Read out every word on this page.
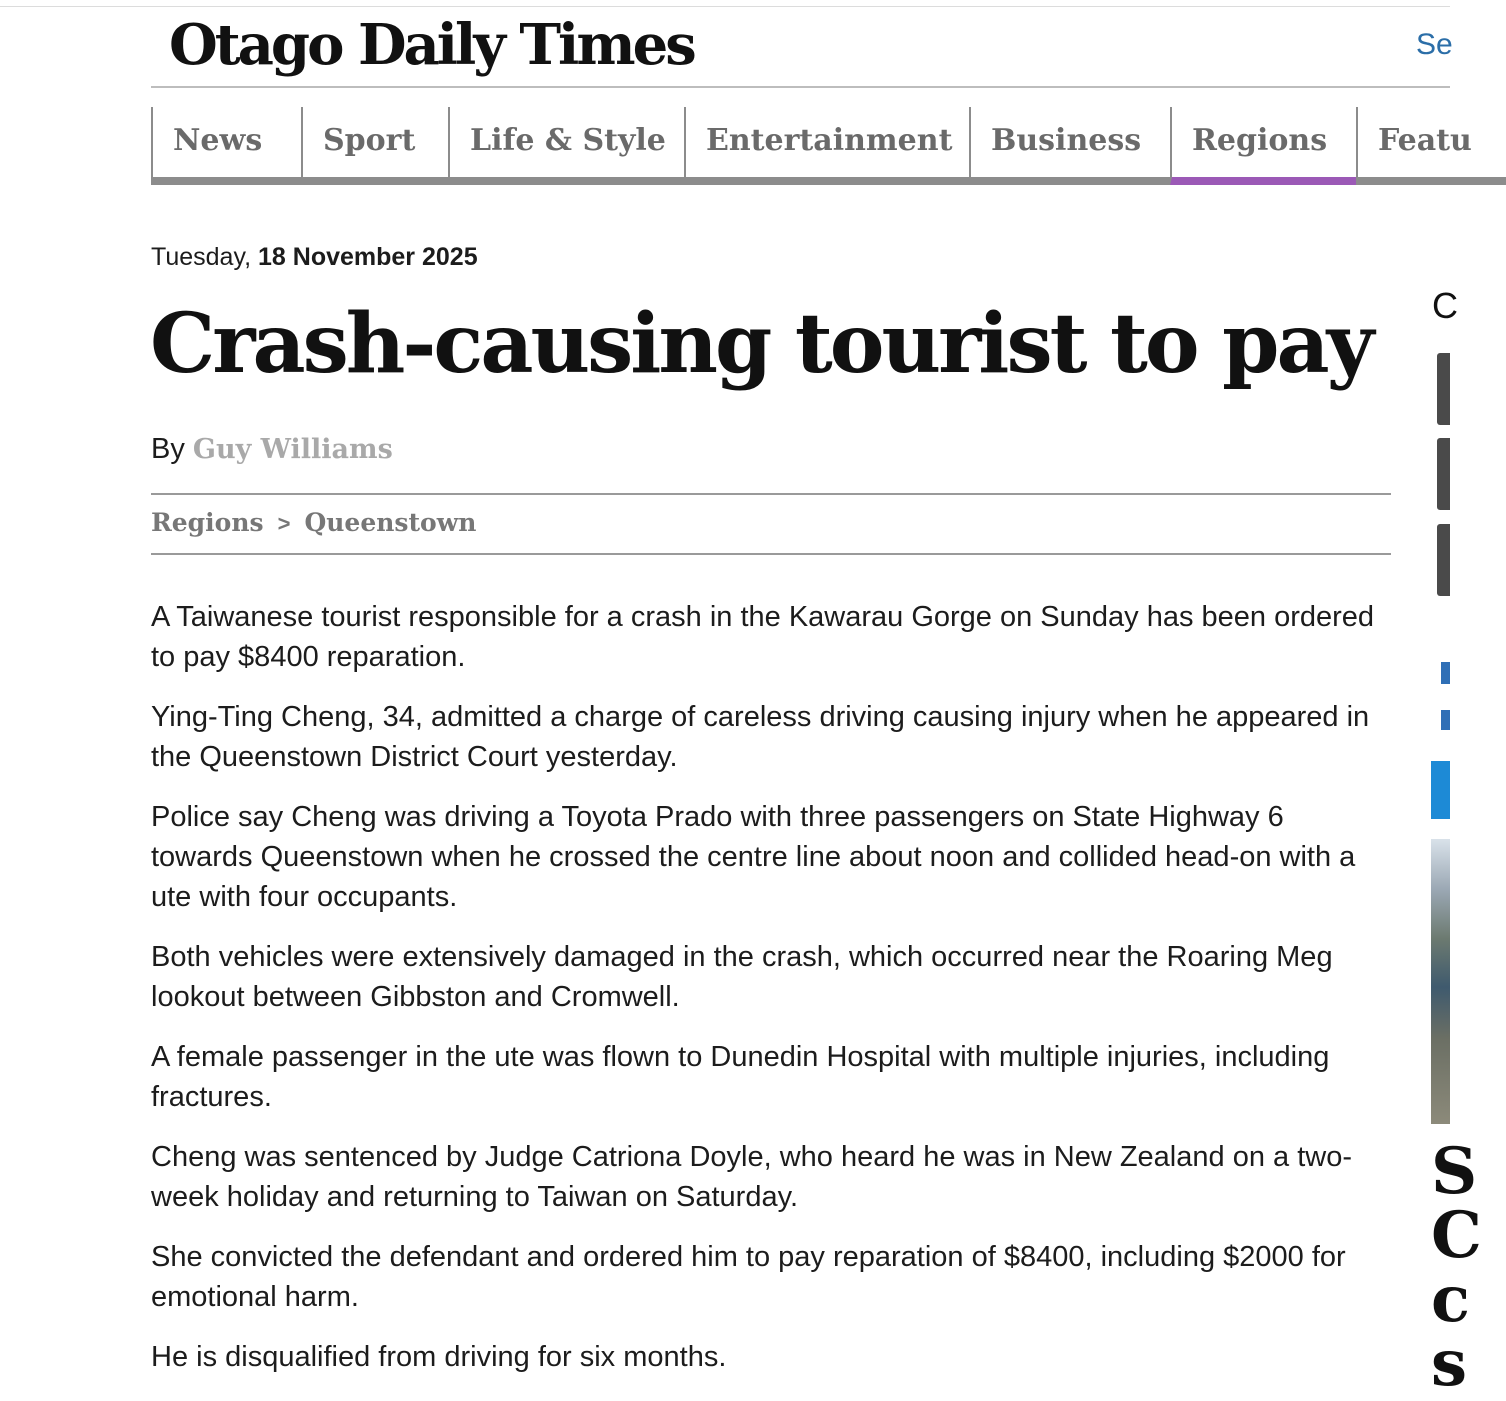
Otago Daily Times	Se
News	Sport	Life & Style	Entertainment	Business	Regions	Featu
Tuesday, 18 November 2025
Crash-causing tourist to pay
By Guy Williams
Regions > Queenstown

A Taiwanese tourist responsible for a crash in the Kawarau Gorge on Sunday has been ordered to pay $8400 reparation.

Ying-Ting Cheng, 34, admitted a charge of careless driving causing injury when he appeared in the Queenstown District Court yesterday.

Police say Cheng was driving a Toyota Prado with three passengers on State Highway 6 towards Queenstown when he crossed the centre line about noon and collided head-on with a ute with four occupants.

Both vehicles were extensively damaged in the crash, which occurred near the Roaring Meg lookout between Gibbston and Cromwell.

A female passenger in the ute was flown to Dunedin Hospital with multiple injuries, including fractures.

Cheng was sentenced by Judge Catriona Doyle, who heard he was in New Zealand on a two-week holiday and returning to Taiwan on Saturday.

She convicted the defendant and ordered him to pay reparation of $8400, including $2000 for emotional harm.

He is disqualified from driving for six months.

C
S
C
c
s
